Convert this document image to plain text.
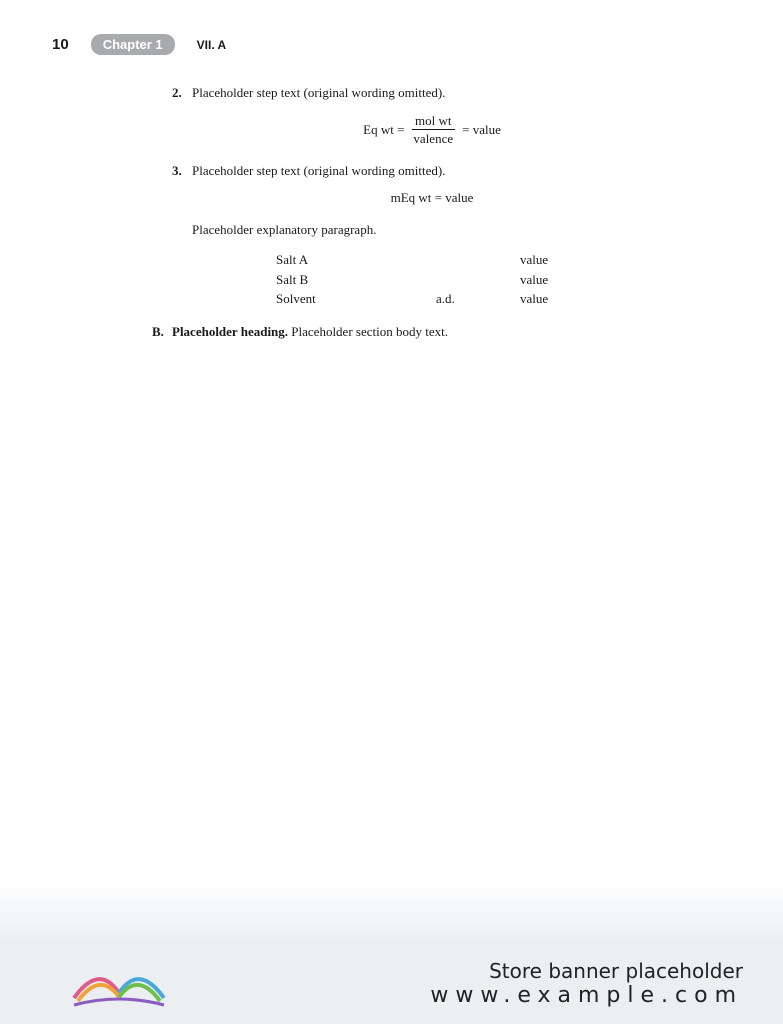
10	Chapter 1	VII. A
2. Placeholder step text (original wording omitted).
Eq wt = $\frac{\text{mol wt}}{\text{valence}}$ = value
3. Placeholder step text (original wording omitted).
mEq wt = value

Placeholder explanatory paragraph.

Salt A		value
Salt B		value
Solvent	a.d.	value
B. Placeholder heading. Placeholder section body text.
Store banner placeholder
www.example.com
